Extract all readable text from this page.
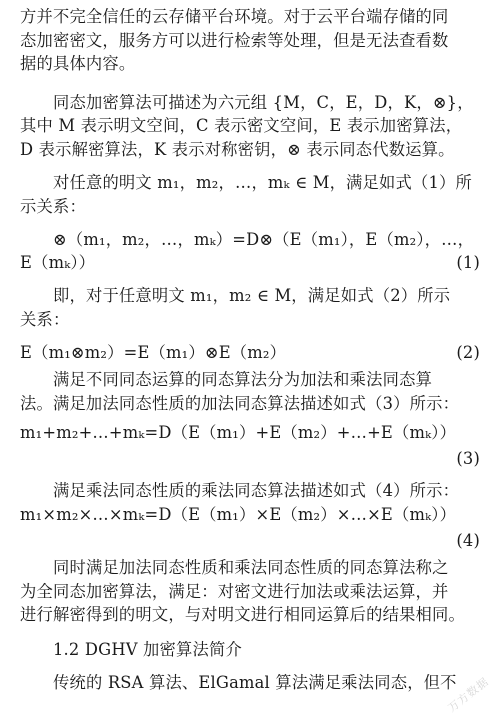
方并不完全信任的云存储平台环境。对于云平台端存储的同
态加密密文，服务方可以进行检索等处理，但是无法查看数
据的具体内容。
同态加密算法可描述为六元组 {M，C，E，D，K，⊗}，
其中 M 表示明文空间，C 表示密文空间，E 表示加密算法，
D 表示解密算法，K 表示对称密钥，⊗ 表示同态代数运算。
对任意的明文 m₁，m₂，…，mₖ ∈ M，满足如式（1）所
示关系：
⊗（m₁，m₂，…，mₖ）=D⊗（E（m₁），E（m₂），…，
E（mₖ））	(1)
即，对于任意明文 m₁，m₂ ∈ M，满足如式（2）所示
关系：
E（m₁⊗m₂）=E（m₁）⊗E（m₂）	(2)
满足不同同态运算的同态算法分为加法和乘法同态算
法。满足加法同态性质的加法同态算法描述如式（3）所示：
m₁+m₂+…+mₖ=D（E（m₁）+E（m₂）+…+E（mₖ））
(3)
满足乘法同态性质的乘法同态算法描述如式（4）所示：
m₁×m₂×…×mₖ=D（E（m₁）×E（m₂）×…×E（mₖ））
(4)
同时满足加法同态性质和乘法同态性质的同态算法称之
为全同态加密算法，满足：对密文进行加法或乘法运算，并
进行解密得到的明文，与对明文进行相同运算后的结果相同。
1.2 DGHV 加密算法简介
传统的 RSA 算法、ElGamal 算法满足乘法同态，但不
万方数据
